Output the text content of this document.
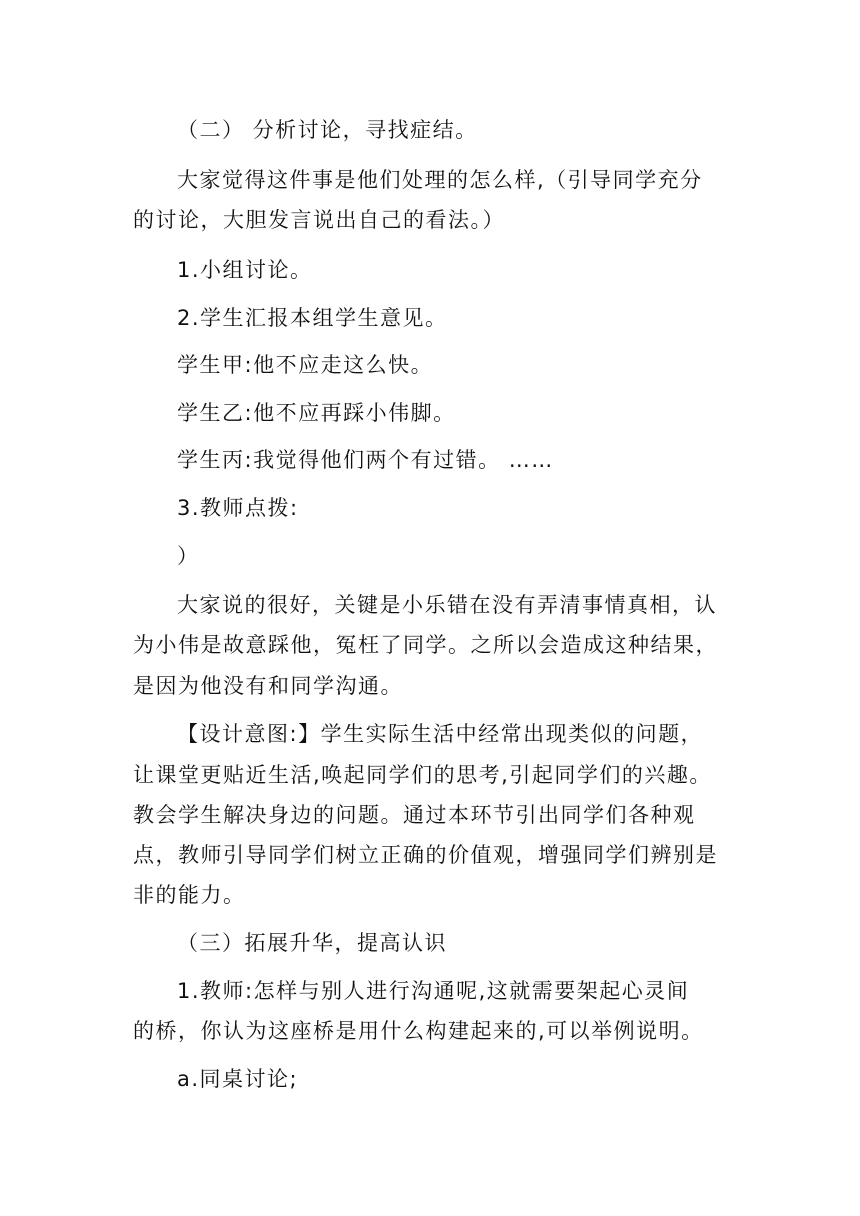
（二） 分析讨论，寻找症结。
大家觉得这件事是他们处理的怎么样,（引导同学充分
的讨论，大胆发言说出自己的看法。）
1.小组讨论。
2.学生汇报本组学生意见。
学生甲:他不应走这么快。
学生乙:他不应再踩小伟脚。
学生丙:我觉得他们两个有过错。 ……
3.教师点拨:
）
大家说的很好，关键是小乐错在没有弄清事情真相，认
为小伟是故意踩他，冤枉了同学。之所以会造成这种结果，
是因为他没有和同学沟通。
【设计意图:】学生实际生活中经常出现类似的问题，
让课堂更贴近生活,唤起同学们的思考,引起同学们的兴趣。
教会学生解决身边的问题。通过本环节引出同学们各种观
点，教师引导同学们树立正确的价值观，增强同学们辨别是
非的能力。
（三）拓展升华，提高认识
1.教师:怎样与别人进行沟通呢,这就需要架起心灵间
的桥，你认为这座桥是用什么构建起来的,可以举例说明。
a.同桌讨论;
